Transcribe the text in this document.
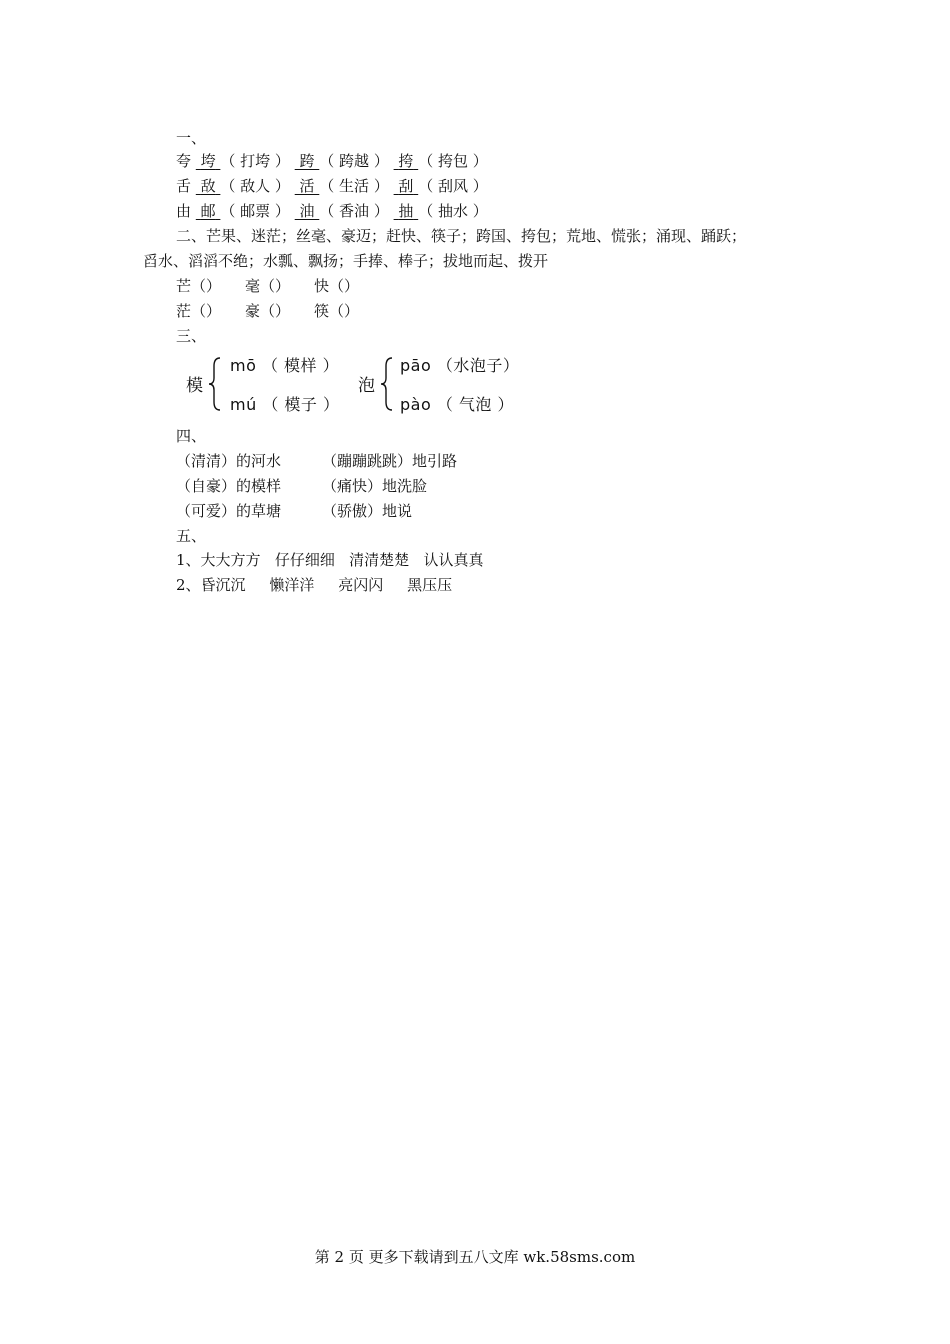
一、
夸 垮 （ 打垮 ） 跨 （ 跨越 ） 挎 （ 挎包 ）
舌 敌 （ 敌人 ） 活 （ 生活 ） 刮 （ 刮风 ）
由 邮 （ 邮票 ） 油 （ 香油 ） 抽 （ 抽水 ）
二、芒果、迷茫；丝毫、豪迈；赶快、筷子；跨国、挎包；荒地、慌张；涌现、踊跃；
舀水、滔滔不绝；水瓢、飘扬；手捧、棒子；拔地而起、拨开
芒（） 毫（） 快（）
茫（） 豪（） 筷（）
三、
模
mō （ 模样 ）
mú （ 模子 ）
泡
pāo （水泡子）
pào （ 气泡 ）
四、
（清清）的河水	（蹦蹦跳跳）地引路
（自豪）的模样	（痛快）地洗脸
（可爱）的草塘	（骄傲）地说
五、
1、大大方方   仔仔细细   清清楚楚   认认真真
2、昏沉沉     懒洋洋     亮闪闪     黑压压
第 2 页 更多下载请到五八文库 wk.58sms.com
